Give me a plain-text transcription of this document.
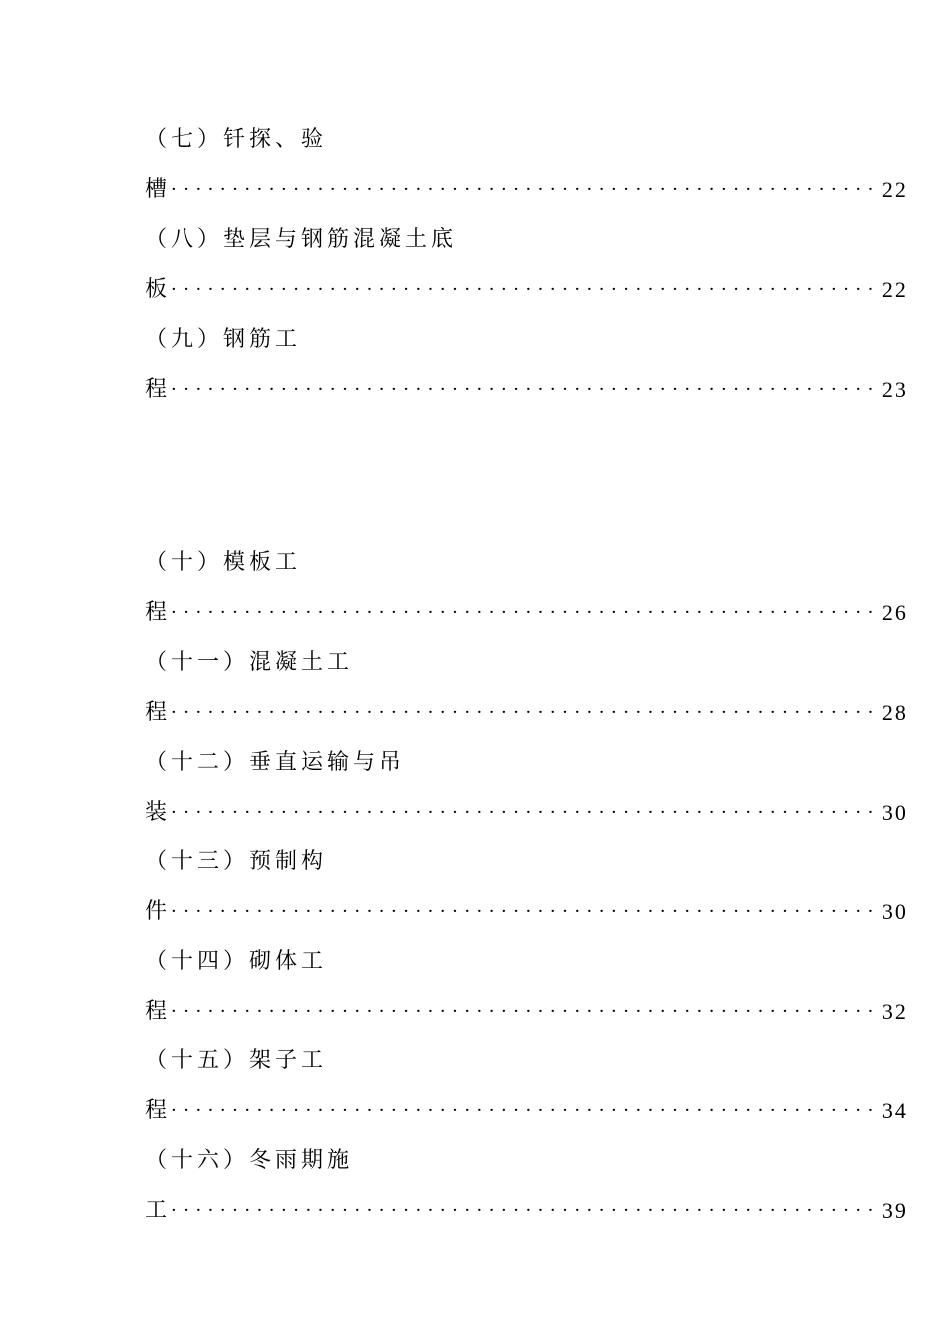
（七）钎探、验
槽 ·························································· 22
（八）垫层与钢筋混凝土底
板 ·························································· 22
（九）钢筋工
程 ·························································· 23
（十）模板工
程 ·························································· 26
（十一）混凝土工
程 ·························································· 28
（十二）垂直运输与吊
装 ·························································· 30
（十三）预制构
件 ·························································· 30
（十四）砌体工
程 ·························································· 32
（十五）架子工
程 ·························································· 34
（十六）冬雨期施
工 ·························································· 39
